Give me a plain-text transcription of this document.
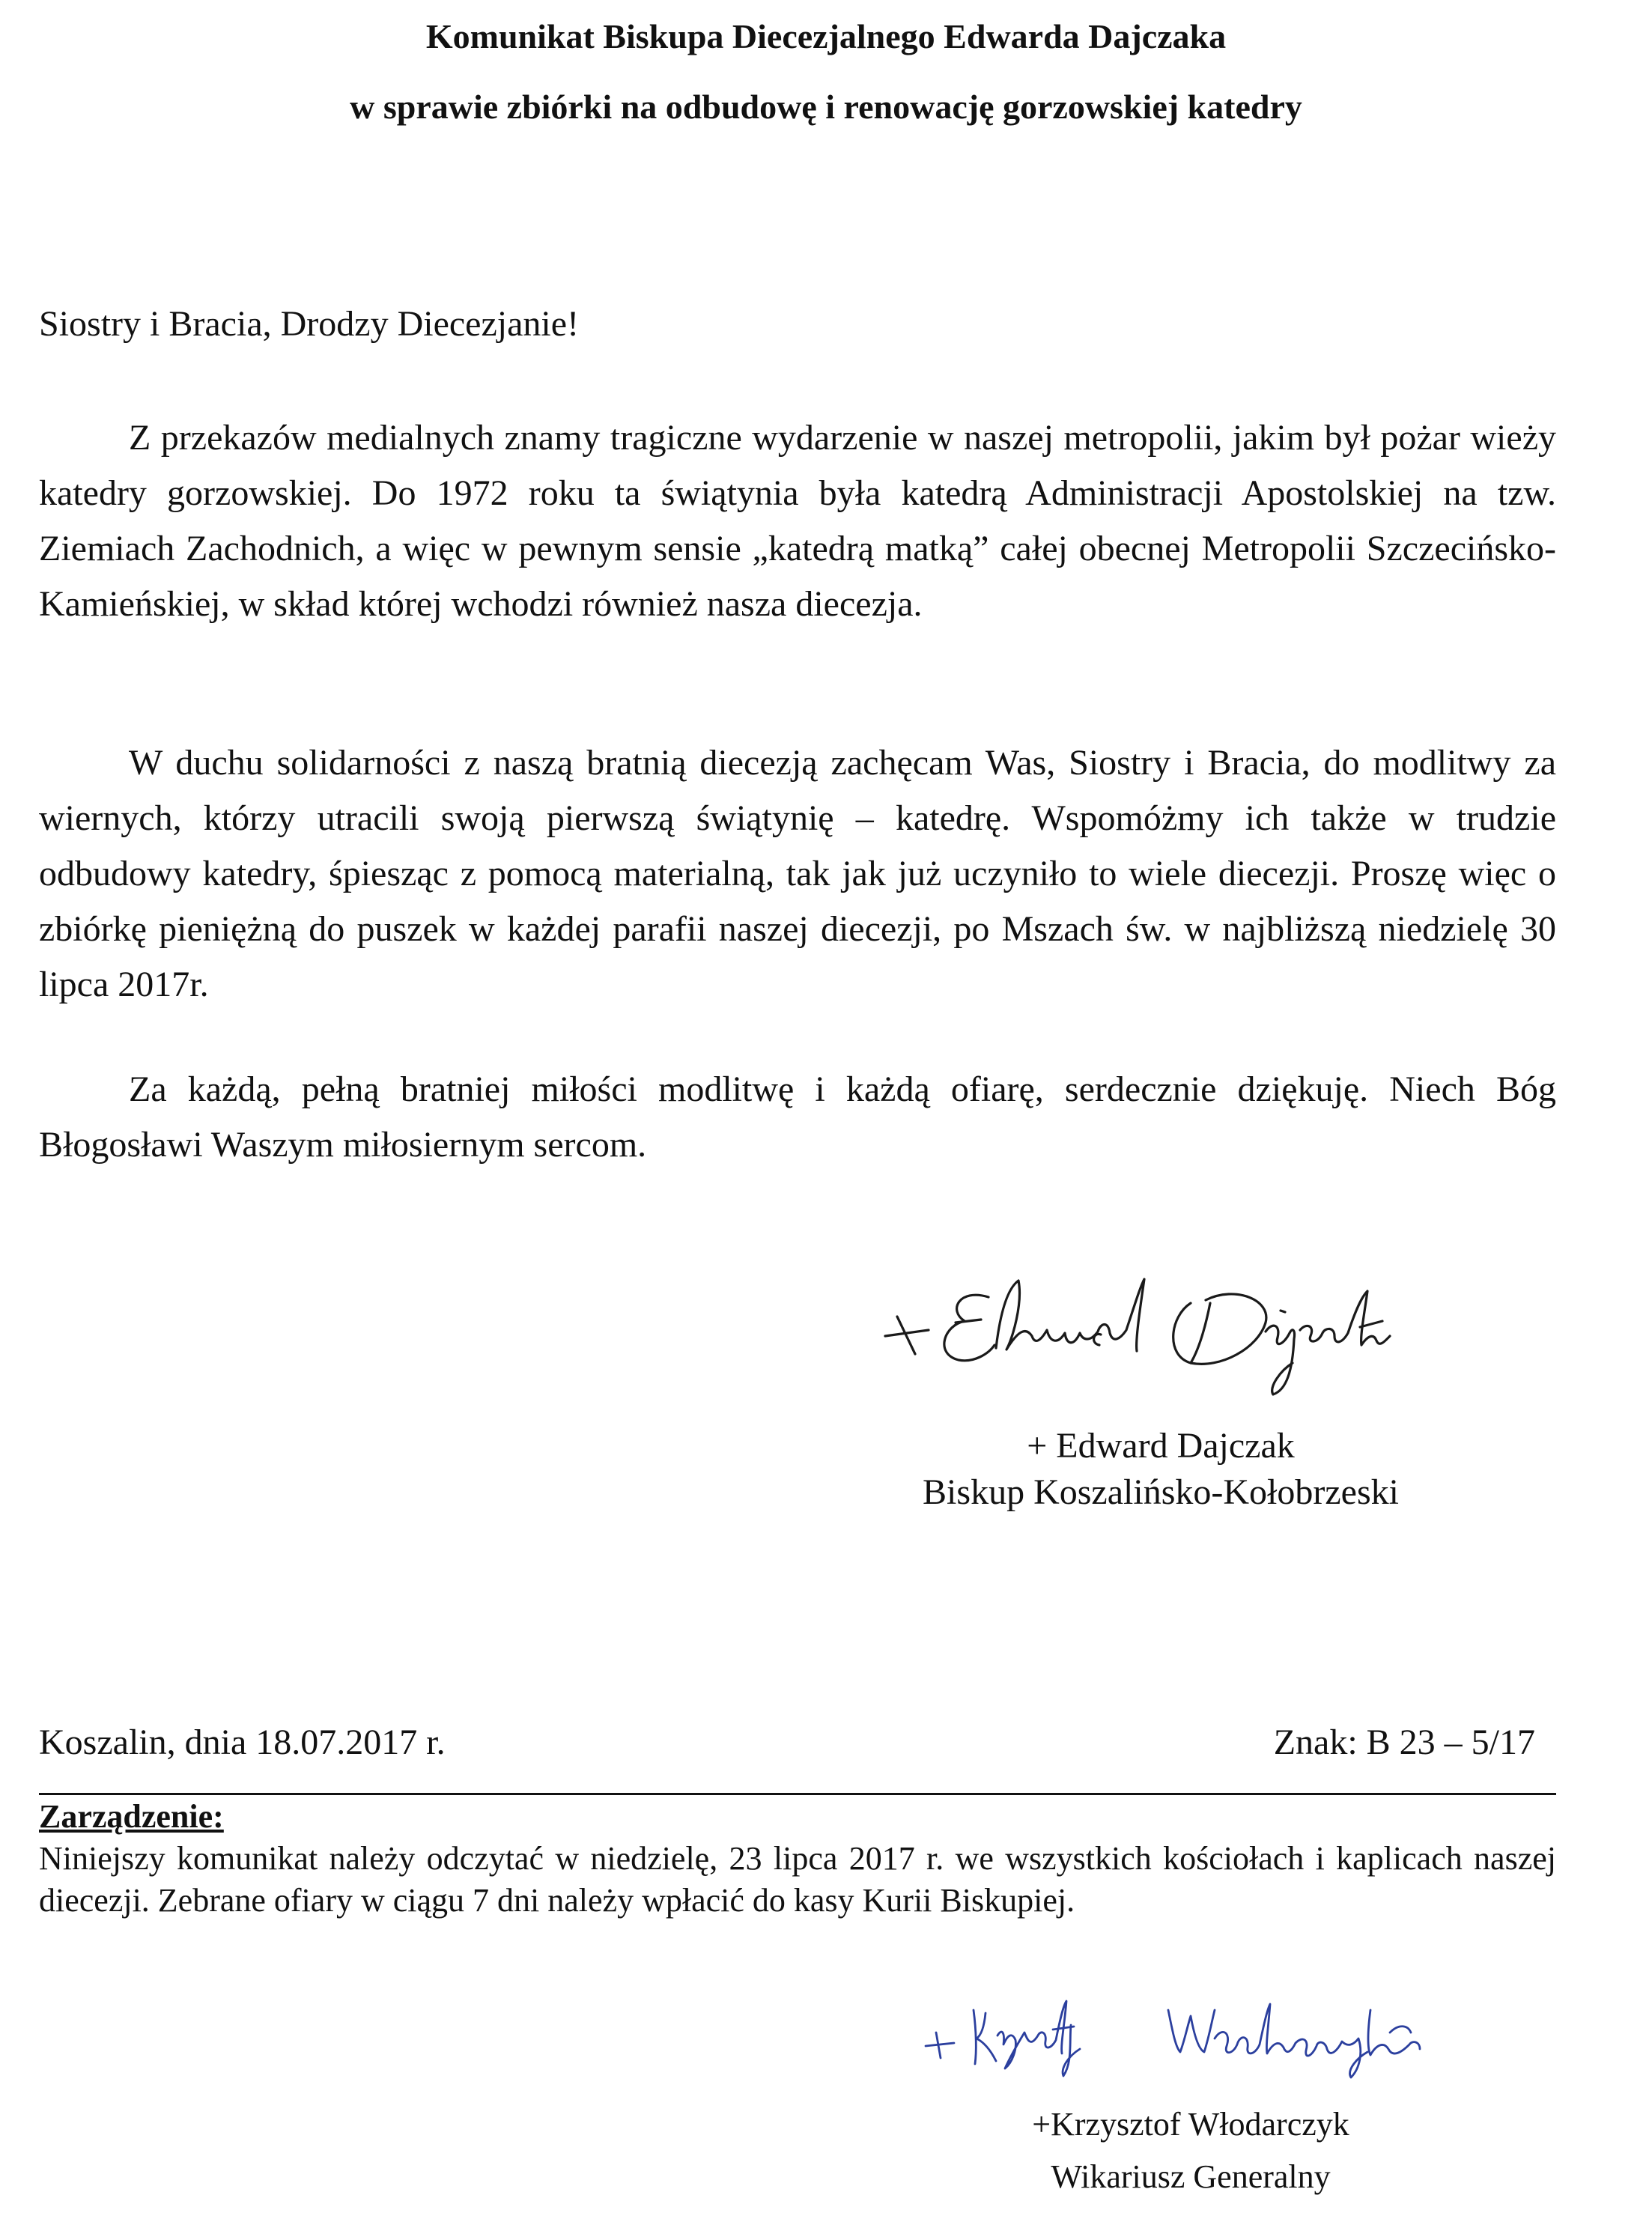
Komunikat Biskupa Diecezjalnego Edwarda Dajczaka
w sprawie zbiórki na odbudowę i renowację gorzowskiej katedry
Siostry i Bracia, Drodzy Diecezjanie!
Z przekazów medialnych znamy tragiczne wydarzenie w naszej metropolii, jakim był pożar wieży katedry gorzowskiej. Do 1972 roku ta świątynia była katedrą Administracji Apostolskiej na tzw. Ziemiach Zachodnich, a więc w pewnym sensie „katedrą matką” całej obecnej Metropolii Szczecińsko-Kamieńskiej, w skład której wchodzi również nasza diecezja.
W duchu solidarności z naszą bratnią diecezją zachęcam Was, Siostry i Bracia, do modlitwy za wiernych, którzy utracili swoją pierwszą świątynię – katedrę. Wspomóżmy ich także w trudzie odbudowy katedry, śpiesząc z pomocą materialną, tak jak już uczyniło to wiele diecezji. Proszę więc o zbiórkę pieniężną do puszek w każdej parafii naszej diecezji, po Mszach św. w najbliższą niedzielę 30 lipca 2017r.
Za każdą, pełną bratniej miłości modlitwę i każdą ofiarę, serdecznie dziękuję. Niech Bóg Błogosławi Waszym miłosiernym sercom.
+ Edward Dajczak
Biskup Koszalińsko-Kołobrzeski
Koszalin, dnia 18.07.2017 r.	Znak: B 23 – 5/17
Zarządzenie:
Niniejszy komunikat należy odczytać w niedzielę, 23 lipca 2017 r. we wszystkich kościołach i kaplicach naszej diecezji. Zebrane ofiary w ciągu 7 dni należy wpłacić do kasy Kurii Biskupiej.
+Krzysztof Włodarczyk
Wikariusz Generalny
